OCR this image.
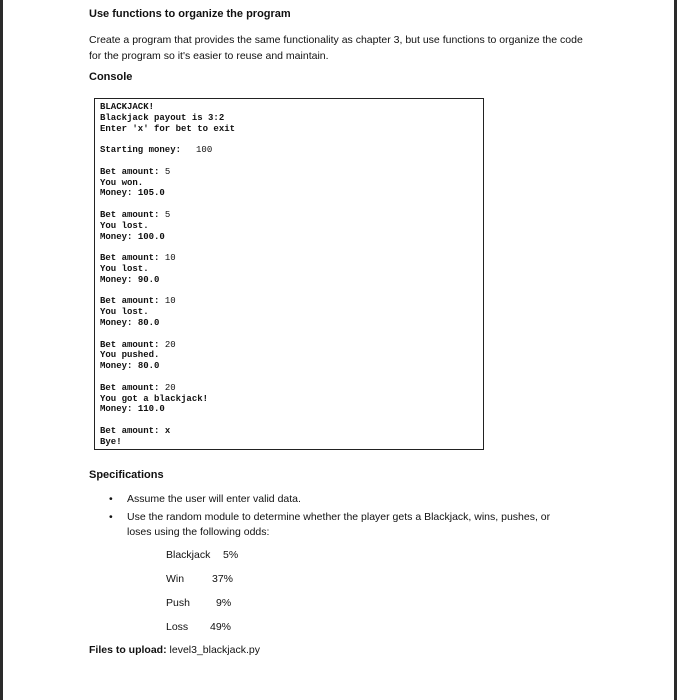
Use functions to organize the program
Create a program that provides the same functionality as chapter 3, but use functions to organize the code for the program so it's easier to reuse and maintain.
Console
BLACKJACK!
Blackjack payout is 3:2
Enter 'x' for bet to exit
Starting money: 100
Bet amount: 5
You won.
Money: 105.0
Bet amount: 5
You lost.
Money: 100.0
Bet amount: 10
You lost.
Money: 90.0
Bet amount: 10
You lost.
Money: 80.0
Bet amount: 20
You pushed.
Money: 80.0
Bet amount: 20
You got a blackjack!
Money: 110.0
Bet amount: x
Bye!
Specifications
• Assume the user will enter valid data.
• Use the random module to determine whether the player gets a Blackjack, wins, pushes, or loses using the following odds:
Blackjack 5%
Win	37%
Push 9%
Loss 49%
Files to upload: level3_blackjack.py
